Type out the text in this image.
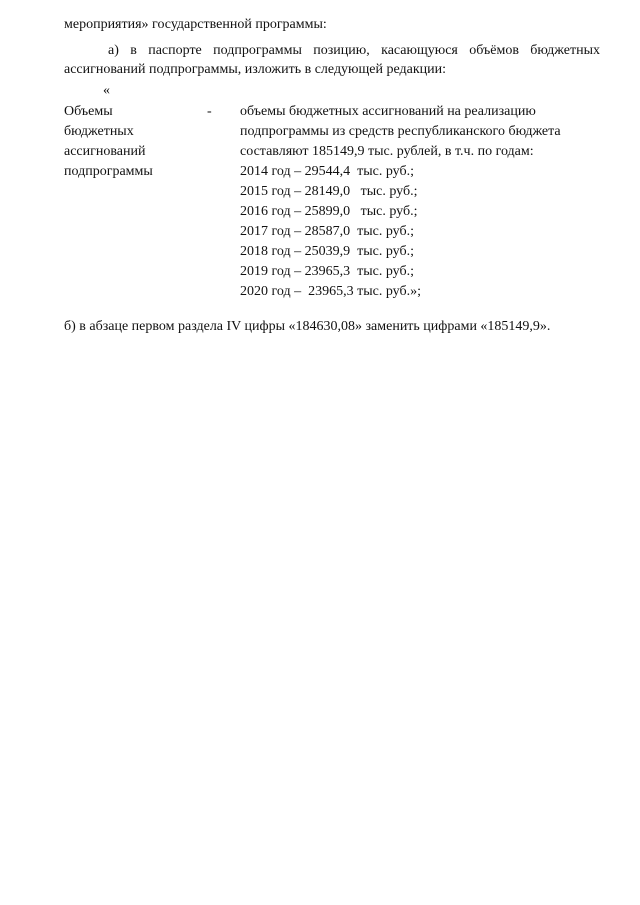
мероприятия» государственной программы:
а) в паспорте подпрограммы позицию, касающуюся объёмов бюджетных
ассигнований подпрограммы, изложить в следующей редакции:
«
Объемы
бюджетных
ассигнований
подпрограммы
- объемы бюджетных ассигнований на реализацию
подпрограммы из средств республиканского бюджета
составляют 185149,9 тыс. рублей, в т.ч. по годам:
2014 год – 29544,4  тыс. руб.;
2015 год – 28149,0   тыс. руб.;
2016 год – 25899,0   тыс. руб.;
2017 год – 28587,0  тыс. руб.;
2018 год – 25039,9  тыс. руб.;
2019 год – 23965,3  тыс. руб.;
2020 год –  23965,3 тыс. руб.»;
б) в абзаце первом раздела IV цифры «184630,08» заменить цифрами «185149,9».
